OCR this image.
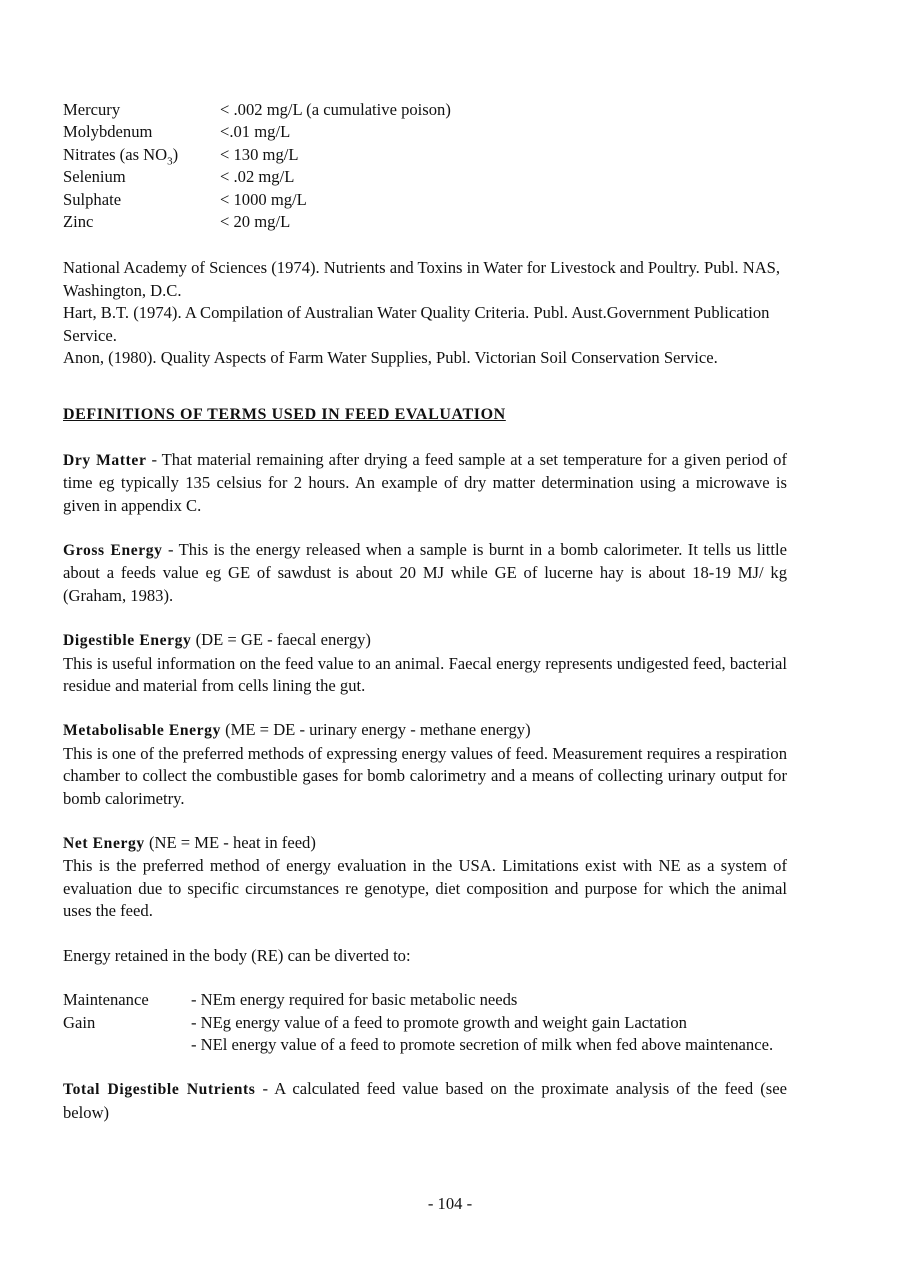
Mercury	< .002 mg/L (a cumulative poison)
Molybdenum	<.01 mg/L
Nitrates (as $NO_3$)	< 130 mg/L
Selenium	< .02 mg/L
Sulphate	< 1000 mg/L
Zinc	< 20 mg/L
National Academy of Sciences (1974). Nutrients and Toxins in Water for Livestock and Poultry. Publ. NAS, Washington, D.C.
Hart, B.T. (1974). A Compilation of Australian Water Quality Criteria. Publ. Aust.Government Publication Service.
Anon, (1980). Quality Aspects of Farm Water Supplies, Publ. Victorian Soil Conservation Service.
DEFINITIONS OF TERMS USED IN FEED EVALUATION
Dry Matter - That material remaining after drying a feed sample at a set temperature for a given period of time eg typically 135 celsius for 2 hours. An example of dry matter determination using a microwave is given in appendix C.
Gross Energy - This is the energy released when a sample is burnt in a bomb calorimeter. It tells us little about a feeds value eg GE of sawdust is about 20 MJ while GE of lucerne hay is about 18-19 MJ/ kg (Graham, 1983).
Digestible Energy (DE = GE - faecal energy)
This is useful information on the feed value to an animal. Faecal energy represents undigested feed, bacterial residue and material from cells lining the gut.
Metabolisable Energy (ME = DE - urinary energy - methane energy)
This is one of the preferred methods of expressing energy values of feed. Measurement requires a respiration chamber to collect the combustible gases for bomb calorimetry and a means of collecting urinary output for bomb calorimetry.
Net Energy (NE = ME - heat in feed)
This is the preferred method of energy evaluation in the USA. Limitations exist with NE as a system of evaluation due to specific circumstances re genotype, diet composition and purpose for which the animal uses the feed.
Energy retained in the body (RE) can be diverted to:
Maintenance	- NEm energy required for basic metabolic needs
Gain	- NEg energy value of a feed to promote growth and weight gain Lactation
- NEl energy value of a feed to promote secretion of milk when fed above maintenance.
Total Digestible Nutrients - A calculated feed value based on the proximate analysis of the feed (see below)
- 104 -
